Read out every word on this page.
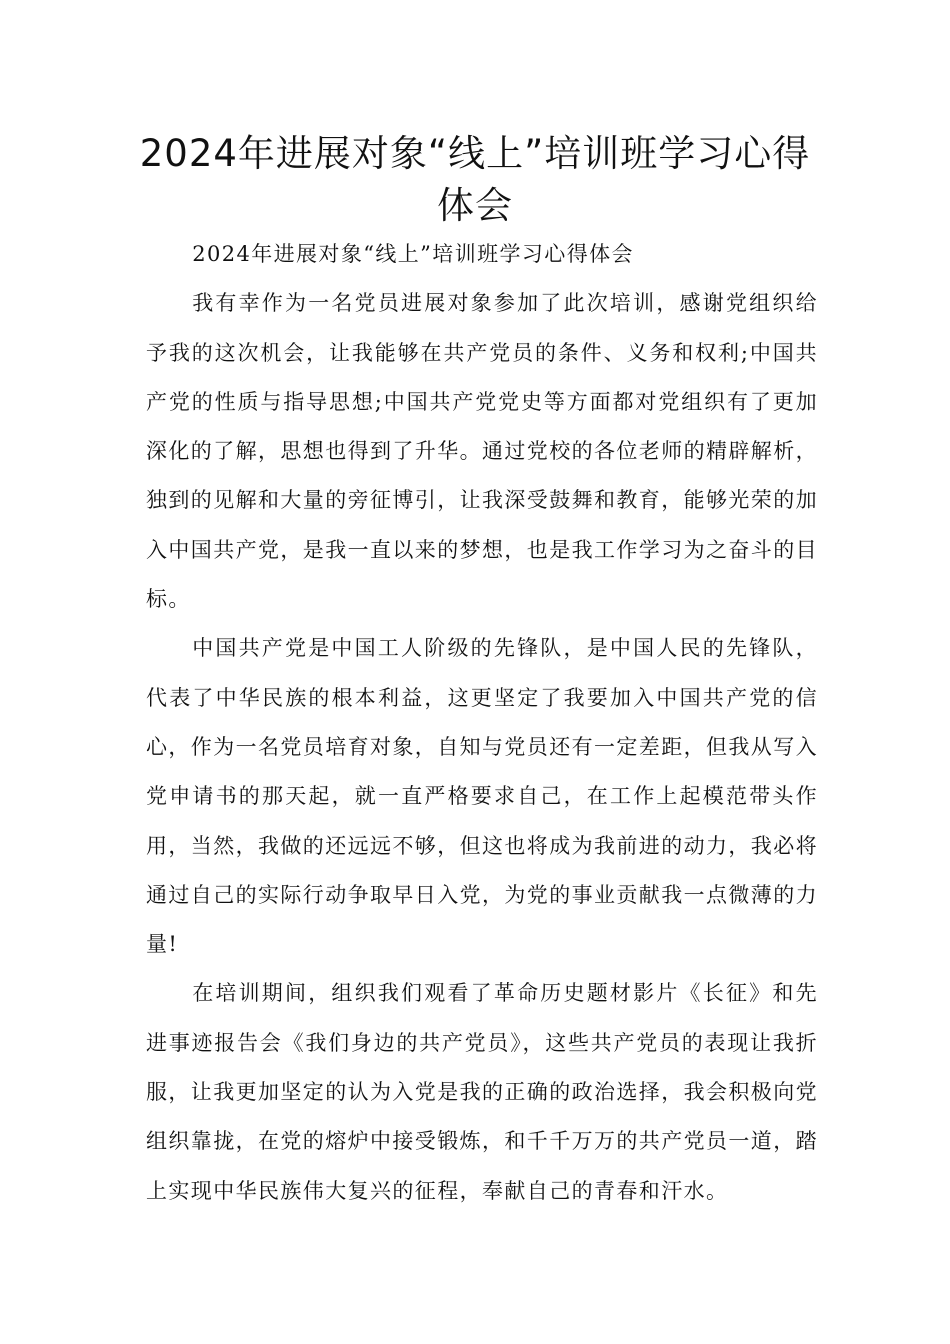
2024年进展对象“线上”培训班学习心得体会

2024年进展对象“线上”培训班学习心得体会

我有幸作为一名党员进展对象参加了此次培训，感谢党组织给予我的这次机会，让我能够在共产党员的条件、义务和权利;中国共产党的性质与指导思想;中国共产党党史等方面都对党组织有了更加深化的了解，思想也得到了升华。通过党校的各位老师的精辟解析，独到的见解和大量的旁征博引，让我深受鼓舞和教育，能够光荣的加入中国共产党，是我一直以来的梦想，也是我工作学习为之奋斗的目标。

中国共产党是中国工人阶级的先锋队，是中国人民的先锋队，代表了中华民族的根本利益，这更坚定了我要加入中国共产党的信心，作为一名党员培育对象，自知与党员还有一定差距，但我从写入党申请书的那天起，就一直严格要求自己，在工作上起模范带头作用，当然，我做的还远远不够，但这也将成为我前进的动力，我必将通过自己的实际行动争取早日入党，为党的事业贡献我一点微薄的力量!

在培训期间，组织我们观看了革命历史题材影片《长征》和先进事迹报告会《我们身边的共产党员》，这些共产党员的表现让我折服，让我更加坚定的认为入党是我的正确的政治选择，我会积极向党组织靠拢，在党的熔炉中接受锻炼，和千千万万的共产党员一道，踏上实现中华民族伟大复兴的征程，奉献自己的青春和汗水。
